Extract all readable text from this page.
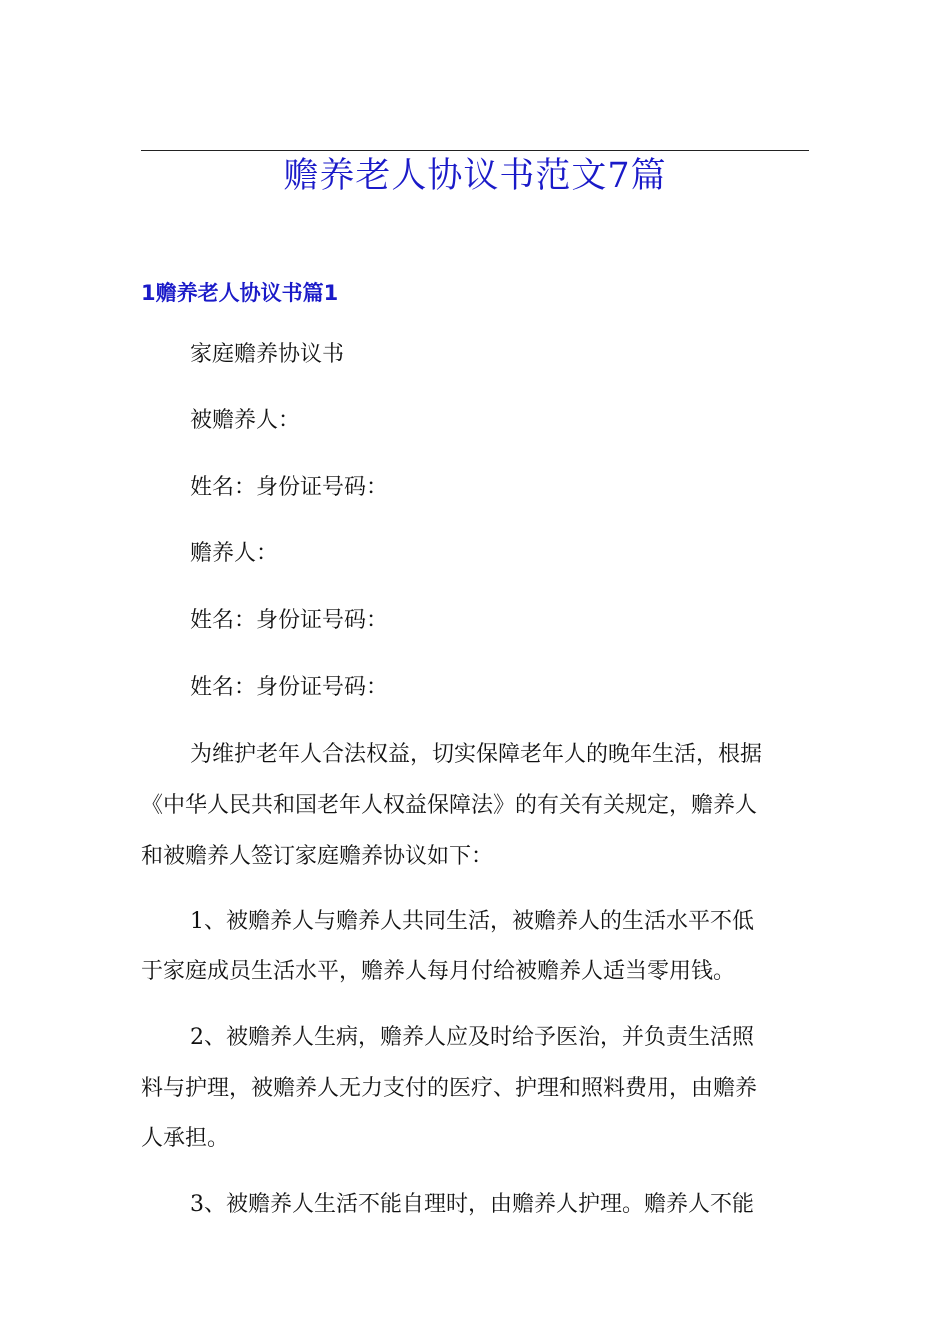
赡养老人协议书范文7篇
1赡养老人协议书篇1
家庭赡养协议书
被赡养人：
姓名：身份证号码：
赡养人：
姓名：身份证号码：
姓名：身份证号码：
为维护老年人合法权益，切实保障老年人的晚年生活，根据
《中华人民共和国老年人权益保障法》的有关有关规定，赡养人
和被赡养人签订家庭赡养协议如下：
1、被赡养人与赡养人共同生活，被赡养人的生活水平不低
于家庭成员生活水平，赡养人每月付给被赡养人适当零用钱。
2、被赡养人生病，赡养人应及时给予医治，并负责生活照
料与护理，被赡养人无力支付的医疗、护理和照料费用，由赡养
人承担。
3、被赡养人生活不能自理时，由赡养人护理。赡养人不能
